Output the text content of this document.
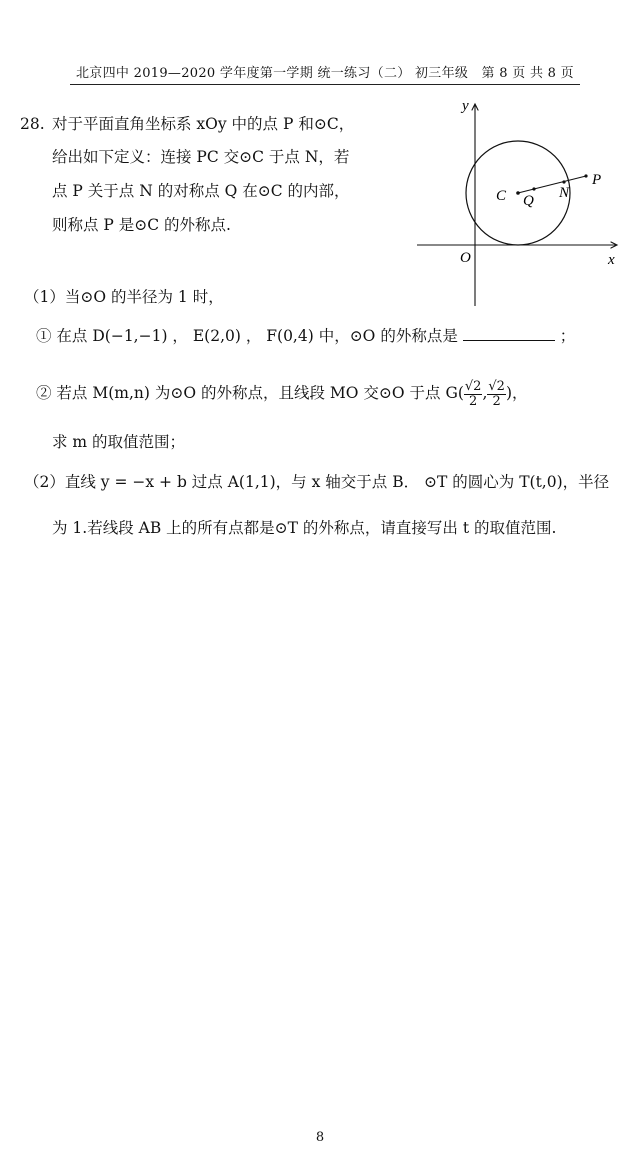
北京四中 2019—2020 学年度第一学期 统一练习（二） 初三年级　第 8 页 共 8 页
28. 对于平面直角坐标系 xOy 中的点 P 和⊙C，
给出如下定义：连接 PC 交⊙C 于点 N，若
点 P 关于点 N 的对称点 Q 在⊙C 的内部，
则称点 P 是⊙C 的外称点.
y
x
O
C Q N
P
（1）当⊙O 的半径为 1 时，
① 在点 D(−1,−1) ， E(2,0) ， F(0,4) 中，⊙O 的外称点是	；
② 若点 M(m,n) 为⊙O 的外称点，且线段 MO 交⊙O 于点 $G( \frac{√2}{2}$ , $\frac{√2}{2}$ )，
求 m 的取值范围；
（2）直线 y = −x + b 过点 A(1,1)，与 x 轴交于点 B． ⊙T 的圆心为 T(t,0)，半径
为 1.若线段 AB 上的所有点都是⊙T 的外称点，请直接写出 t 的取值范围.
8
